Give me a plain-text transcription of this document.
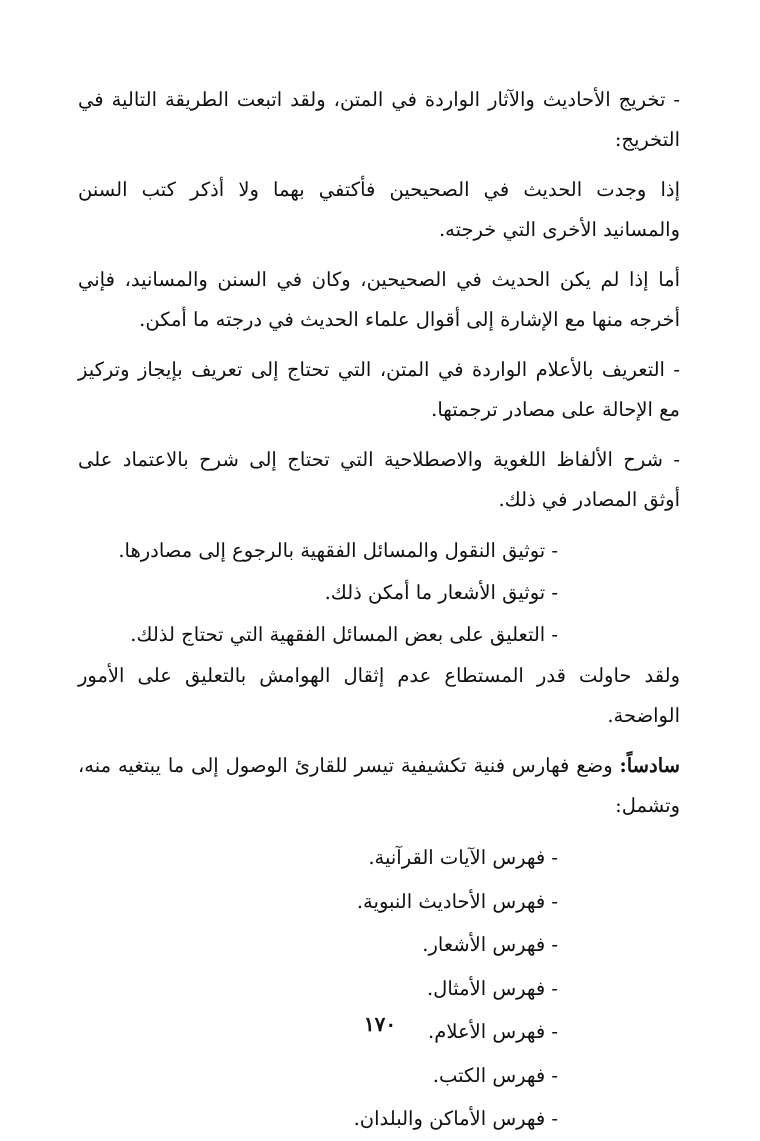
- تخريج الأحاديث والآثار الواردة في المتن، ولقد اتبعت الطريقة التالية في التخريج:

إذا وجدت الحديث في الصحيحين فأكتفي بهما ولا أذكر كتب السنن والمسانيد الأخرى التي خرجته.

أما إذا لم يكن الحديث في الصحيحين، وكان في السنن والمسانيد، فإني أخرجه منها مع الإشارة إلى أقوال علماء الحديث في درجته ما أمكن.

- التعريف بالأعلام الواردة في المتن، التي تحتاج إلى تعريف بإيجاز وتركيز مع الإحالة على مصادر ترجمتها.

- شرح الألفاظ اللغوية والاصطلاحية التي تحتاج إلى شرح بالاعتماد على أوثق المصادر في ذلك.

- توثيق النقول والمسائل الفقهية بالرجوع إلى مصادرها.

- توثيق الأشعار ما أمكن ذلك.

- التعليق على بعض المسائل الفقهية التي تحتاج لذلك.

ولقد حاولت قدر المستطاع عدم إثقال الهوامش بالتعليق على الأمور الواضحة.

سادساً: وضع فهارس فنية تكشيفية تيسر للقارئ الوصول إلى ما يبتغيه منه، وتشمل:

- فهرس الآيات القرآنية.

- فهرس الأحاديث النبوية.

- فهرس الأشعار.

- فهرس الأمثال.

- فهرس الأعلام.

- فهرس الكتب.

- فهرس الأماكن والبلدان.

١٧٠
